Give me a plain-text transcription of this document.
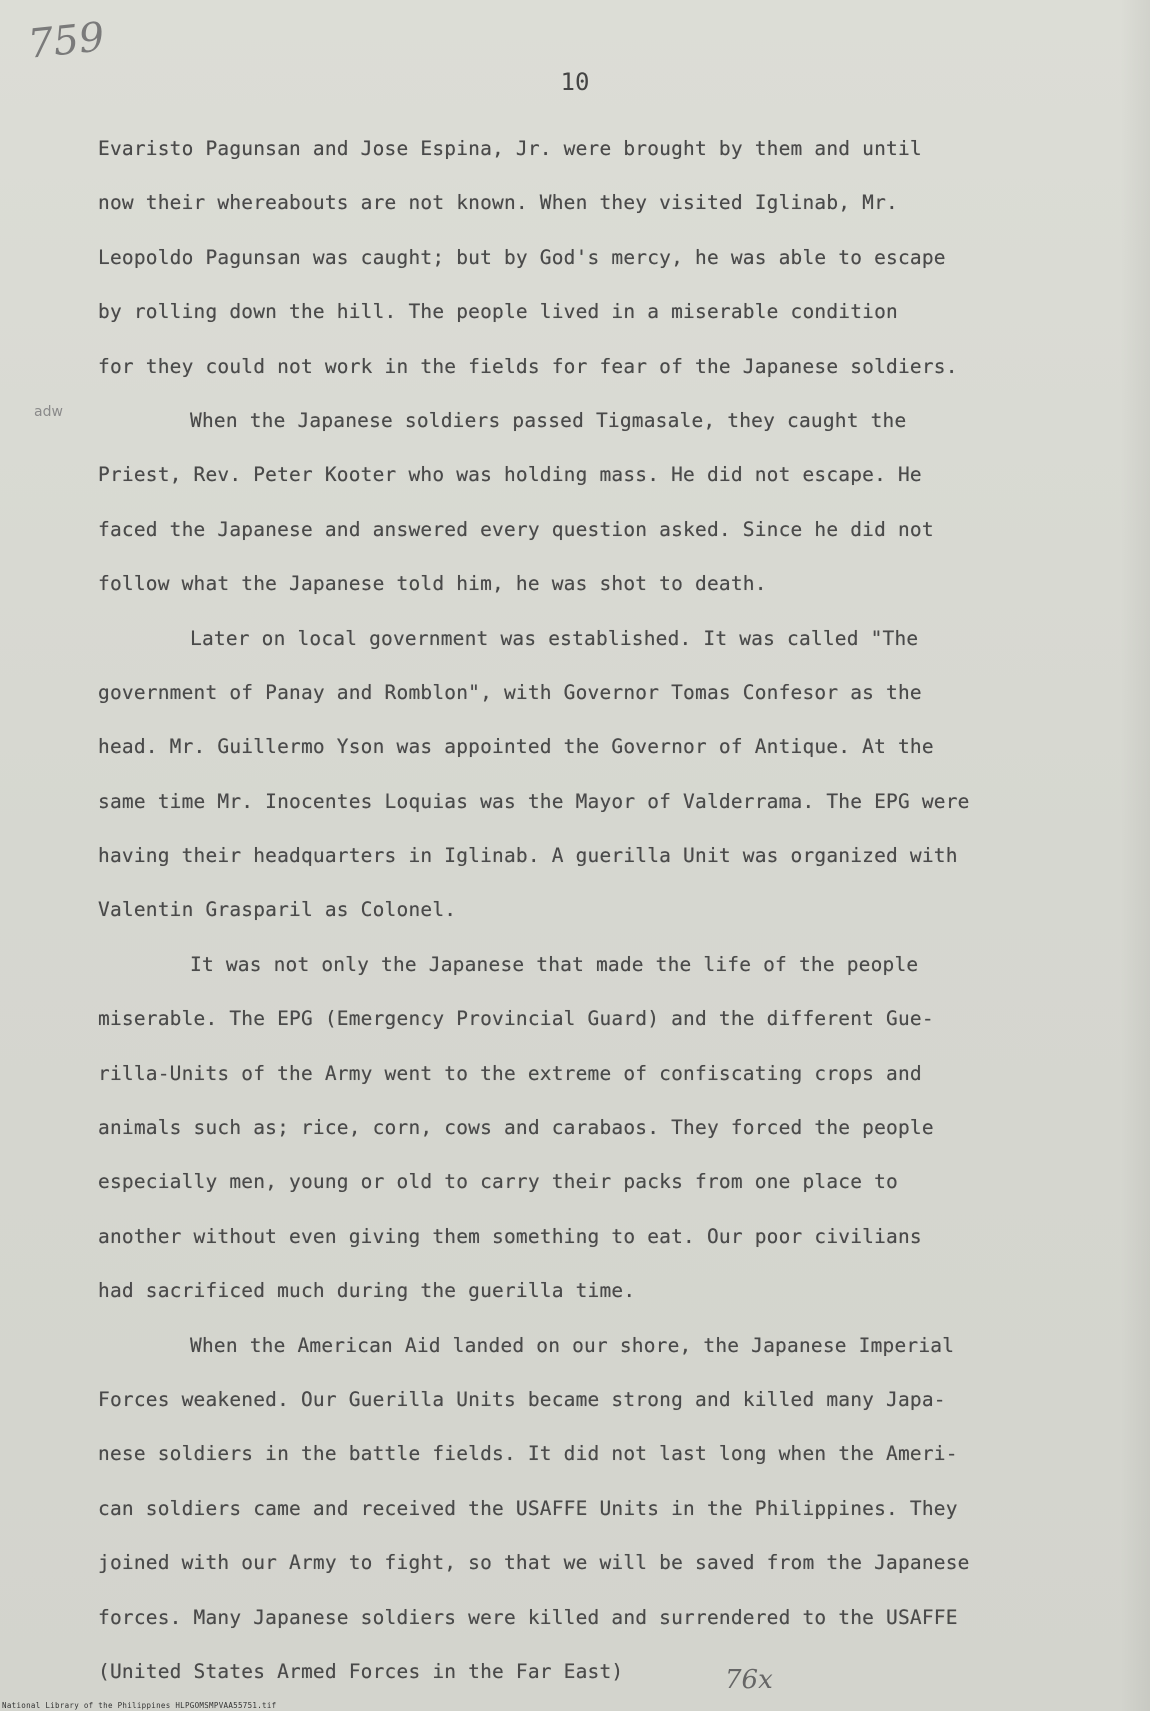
759
10
adw
Evaristo Pagunsan and Jose Espina, Jr. were brought by them and until
now their whereabouts are not known. When they visited Iglinab, Mr.
Leopoldo Pagunsan was caught; but by God's mercy, he was able to escape
by rolling down the hill. The people lived in a miserable condition
for they could not work in the fields for fear of the Japanese soldiers.
When the Japanese soldiers passed Tigmasale, they caught the
Priest, Rev. Peter Kooter who was holding mass. He did not escape. He
faced the Japanese and answered every question asked. Since he did not
follow what the Japanese told him, he was shot to death.
Later on local government was established. It was called "The
government of Panay and Romblon", with Governor Tomas Confesor as the
head. Mr. Guillermo Yson was appointed the Governor of Antique. At the
same time Mr. Inocentes Loquias was the Mayor of Valderrama. The EPG were
having their headquarters in Iglinab. A guerilla Unit was organized with
Valentin Grasparil as Colonel.
It was not only the Japanese that made the life of the people
miserable. The EPG (Emergency Provincial Guard) and the different Gue-
rilla-Units of the Army went to the extreme of confiscating crops and
animals such as; rice, corn, cows and carabaos. They forced the people
especially men, young or old to carry their packs from one place to
another without even giving them something to eat. Our poor civilians
had sacrificed much during the guerilla time.
When the American Aid landed on our shore, the Japanese Imperial
Forces weakened. Our Guerilla Units became strong and killed many Japa-
nese soldiers in the battle fields. It did not last long when the Ameri-
can soldiers came and received the USAFFE Units in the Philippines. They
joined with our Army to fight, so that we will be saved from the Japanese
forces. Many Japanese soldiers were killed and surrendered to the USAFFE
(United States Armed Forces in the Far East)	76x
National Library of the Philippines HLPGOMSMPVAA55751.tif
